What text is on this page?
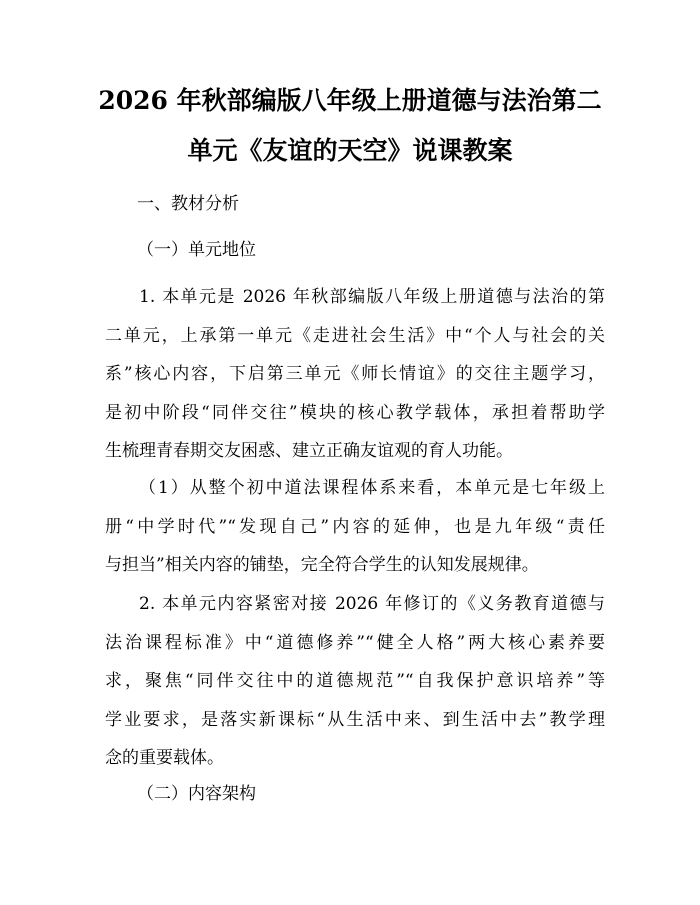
2026 年秋部编版八年级上册道德与法治第二
单元《友谊的天空》说课教案
一、教材分析
（一）单元地位
1. 本单元是 2026 年秋部编版八年级上册道德与法治的第
二单元，上承第一单元《走进社会生活》中“个人与社会的关
系”核心内容，下启第三单元《师长情谊》的交往主题学习，
是初中阶段“同伴交往”模块的核心教学载体，承担着帮助学
生梳理青春期交友困惑、建立正确友谊观的育人功能。
（1）从整个初中道法课程体系来看，本单元是七年级上
册“中学时代”“发现自己”内容的延伸，也是九年级“责任
与担当”相关内容的铺垫，完全符合学生的认知发展规律。
2. 本单元内容紧密对接 2026 年修订的《义务教育道德与
法治课程标准》中“道德修养”“健全人格”两大核心素养要
求，聚焦“同伴交往中的道德规范”“自我保护意识培养”等
学业要求，是落实新课标“从生活中来、到生活中去”教学理
念的重要载体。
（二）内容架构
